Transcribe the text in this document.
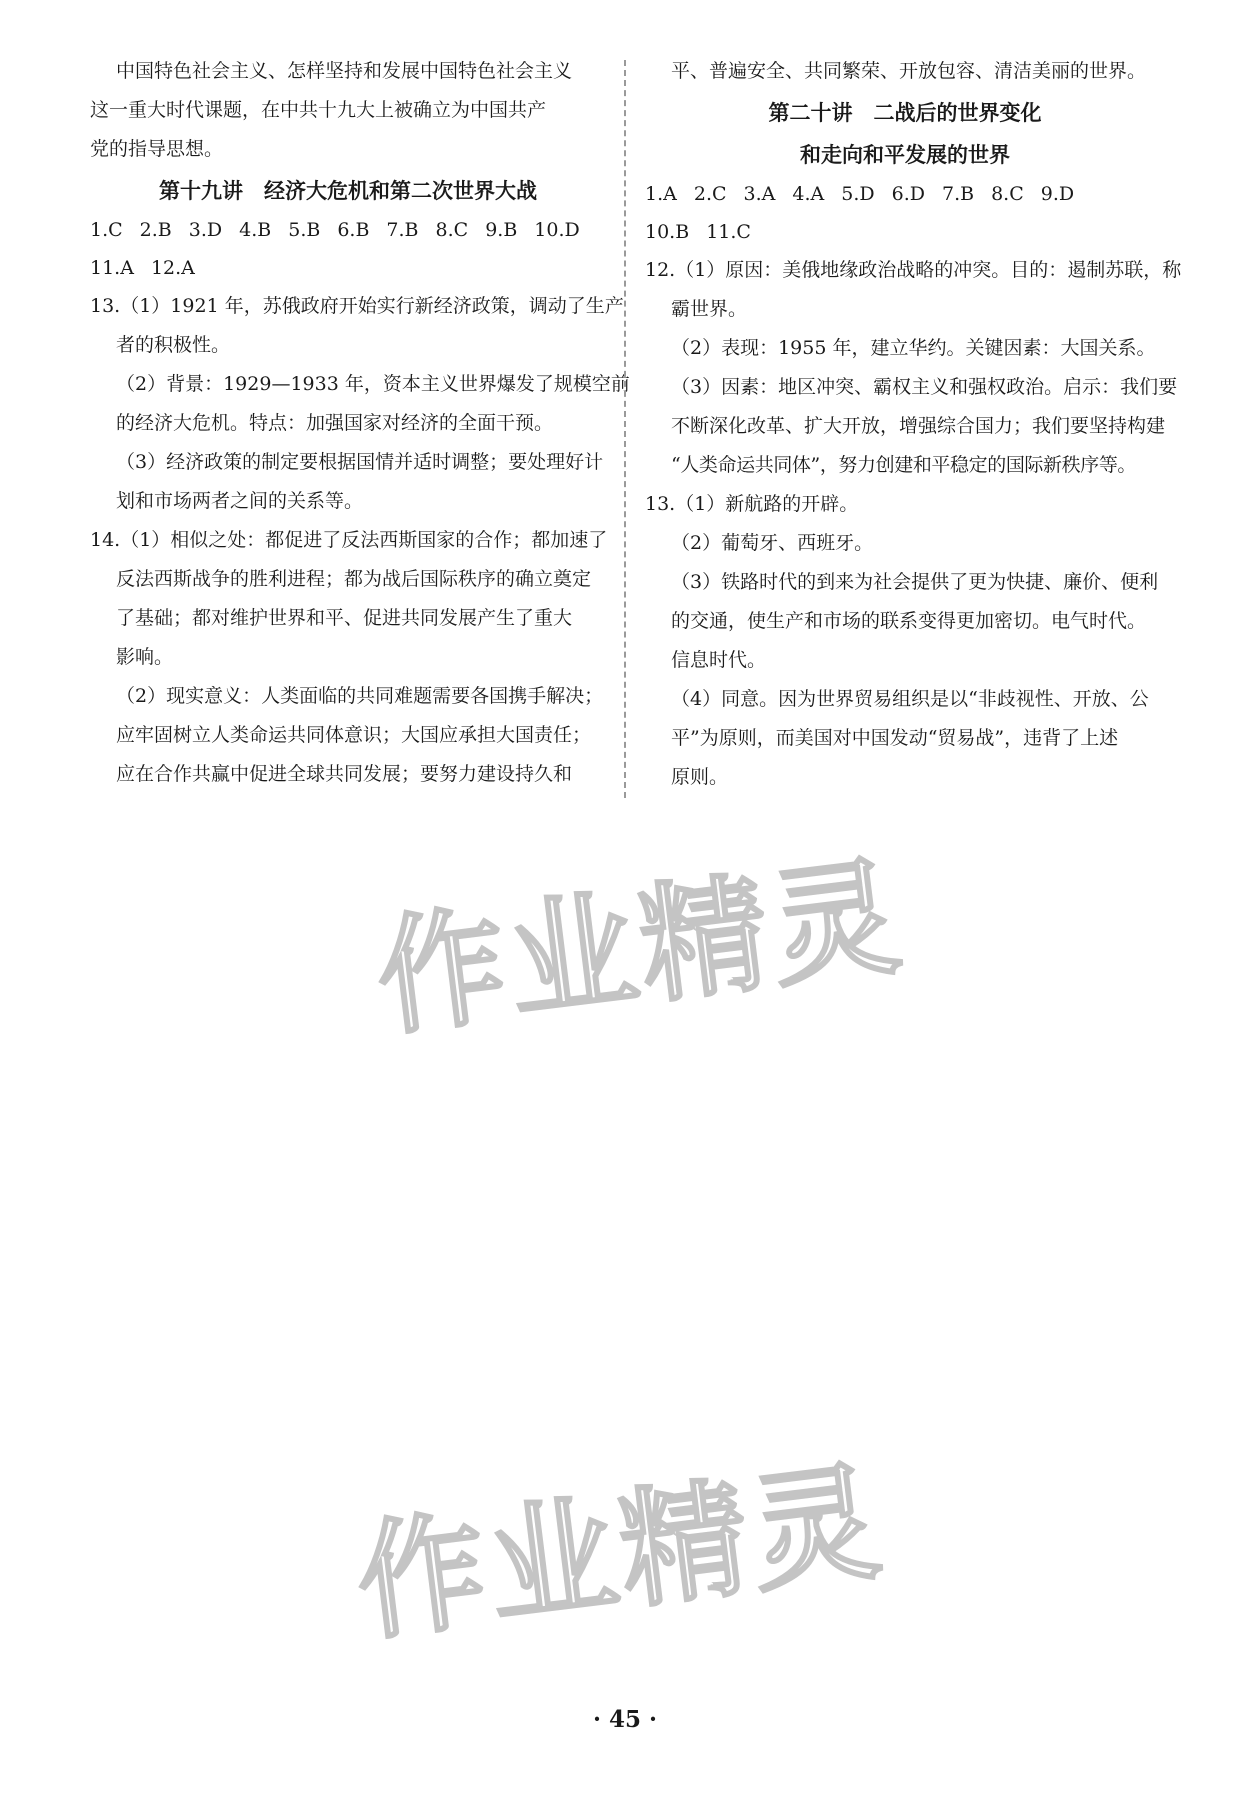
中国特色社会主义、怎样坚持和发展中国特色社会主义
这一重大时代课题，在中共十九大上被确立为中国共产
党的指导思想。
第十九讲　经济大危机和第二次世界大战
1.C 2.B 3.D 4.B 5.B 6.B 7.B 8.C 9.B 10.D
11.A 12.A
13.（1）1921 年，苏俄政府开始实行新经济政策，调动了生产
者的积极性。
（2）背景：1929—1933 年，资本主义世界爆发了规模空前
的经济大危机。特点：加强国家对经济的全面干预。
（3）经济政策的制定要根据国情并适时调整；要处理好计
划和市场两者之间的关系等。
14.（1）相似之处：都促进了反法西斯国家的合作；都加速了
反法西斯战争的胜利进程；都为战后国际秩序的确立奠定
了基础；都对维护世界和平、促进共同发展产生了重大
影响。
（2）现实意义：人类面临的共同难题需要各国携手解决；
应牢固树立人类命运共同体意识；大国应承担大国责任；
应在合作共赢中促进全球共同发展；要努力建设持久和
平、普遍安全、共同繁荣、开放包容、清洁美丽的世界。
第二十讲　二战后的世界变化
和走向和平发展的世界
1.A 2.C 3.A 4.A 5.D 6.D 7.B 8.C 9.D
10.B 11.C
12.（1）原因：美俄地缘政治战略的冲突。目的：遏制苏联，称
霸世界。
（2）表现：1955 年，建立华约。关键因素：大国关系。
（3）因素：地区冲突、霸权主义和强权政治。启示：我们要
不断深化改革、扩大开放，增强综合国力；我们要坚持构建
“人类命运共同体”，努力创建和平稳定的国际新秩序等。
13.（1）新航路的开辟。
（2）葡萄牙、西班牙。
（3）铁路时代的到来为社会提供了更为快捷、廉价、便利
的交通，使生产和市场的联系变得更加密切。电气时代。
信息时代。
（4）同意。因为世界贸易组织是以“非歧视性、开放、公
平”为原则，而美国对中国发动“贸易战”，违背了上述
原则。
作业精灵
作业精灵
· 45 ·
